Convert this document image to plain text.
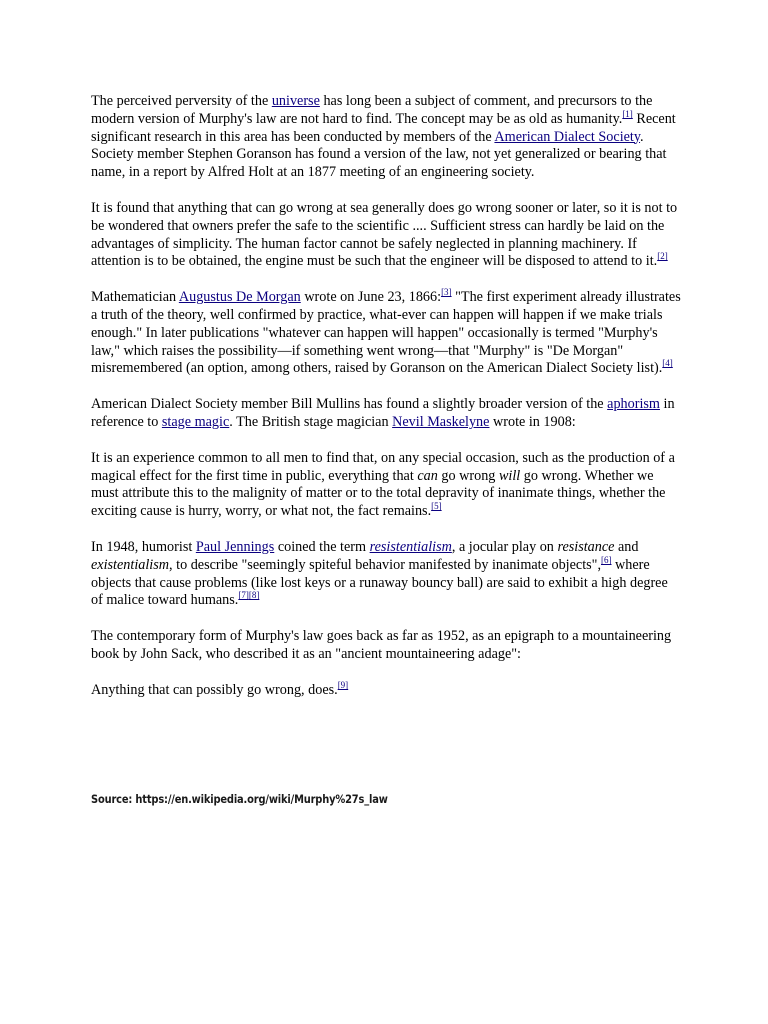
The perceived perversity of the universe has long been a subject of comment, and precursors to the modern version of Murphy's law are not hard to find. The concept may be as old as humanity.[1] Recent significant research in this area has been conducted by members of the American Dialect Society. Society member Stephen Goranson has found a version of the law, not yet generalized or bearing that name, in a report by Alfred Holt at an 1877 meeting of an engineering society.

It is found that anything that can go wrong at sea generally does go wrong sooner or later, so it is not to be wondered that owners prefer the safe to the scientific .... Sufficient stress can hardly be laid on the advantages of simplicity. The human factor cannot be safely neglected in planning machinery. If attention is to be obtained, the engine must be such that the engineer will be disposed to attend to it.[2]

Mathematician Augustus De Morgan wrote on June 23, 1866:[3] "The first experiment already illustrates a truth of the theory, well confirmed by practice, what-ever can happen will happen if we make trials enough." In later publications "whatever can happen will happen" occasionally is termed "Murphy's law," which raises the possibility—if something went wrong—that "Murphy" is "De Morgan" misremembered (an option, among others, raised by Goranson on the American Dialect Society list).[4]

American Dialect Society member Bill Mullins has found a slightly broader version of the aphorism in reference to stage magic. The British stage magician Nevil Maskelyne wrote in 1908:

It is an experience common to all men to find that, on any special occasion, such as the production of a magical effect for the first time in public, everything that can go wrong will go wrong. Whether we must attribute this to the malignity of matter or to the total depravity of inanimate things, whether the exciting cause is hurry, worry, or what not, the fact remains.[5]

In 1948, humorist Paul Jennings coined the term resistentialism, a jocular play on resistance and existentialism, to describe "seemingly spiteful behavior manifested by inanimate objects",[6] where objects that cause problems (like lost keys or a runaway bouncy ball) are said to exhibit a high degree of malice toward humans.[7][8]

The contemporary form of Murphy's law goes back as far as 1952, as an epigraph to a mountaineering book by John Sack, who described it as an "ancient mountaineering adage":

Anything that can possibly go wrong, does.[9]

Source: https://en.wikipedia.org/wiki/Murphy%27s_law
